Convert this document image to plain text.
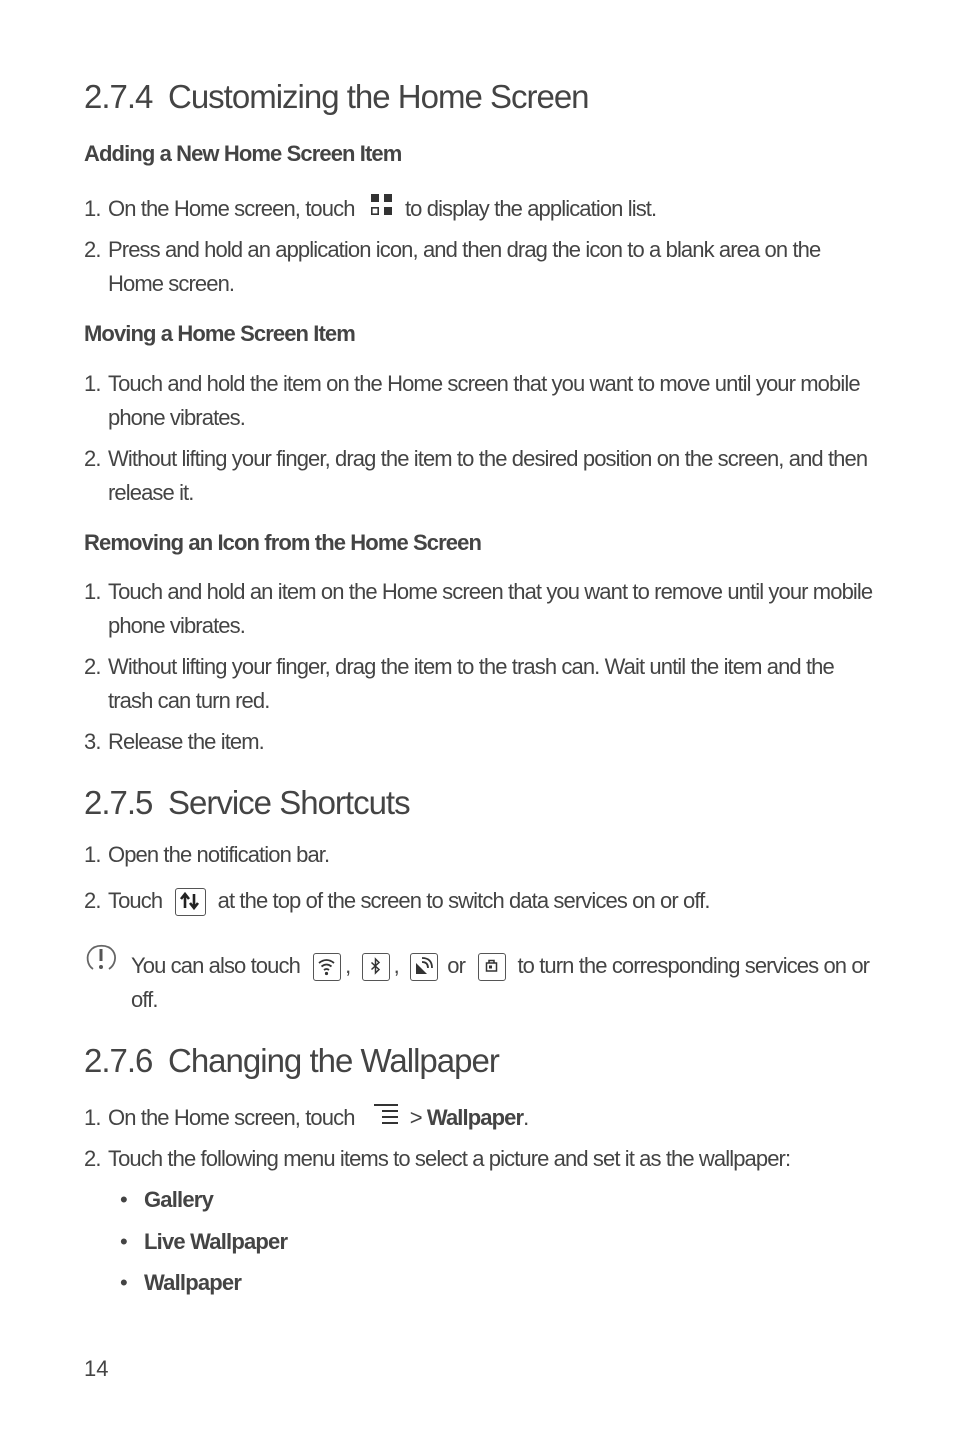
2.7.4 Customizing the Home Screen
Adding a New Home Screen Item
1. On the Home screen, touch to display the application list.
2. Press and hold an application icon, and then drag the icon to a blank area on the Home screen.
Moving a Home Screen Item
1. Touch and hold the item on the Home screen that you want to move until your mobile phone vibrates.
2. Without lifting your finger, drag the item to the desired position on the screen, and then release it.
Removing an Icon from the Home Screen
1. Touch and hold an item on the Home screen that you want to remove until your mobile phone vibrates.
2. Without lifting your finger, drag the item to the trash can. Wait until the item and the trash can turn red.
3. Release the item.
2.7.5 Service Shortcuts
1. Open the notification bar.
2. Touch	at the top of the screen to switch data services on or off.
You can also touch , , or to turn the corresponding services on or off.
2.7.6 Changing the Wallpaper
1. On the Home screen, touch	> Wallpaper.
2. Touch the following menu items to select a picture and set it as the wallpaper:
• Gallery
• Live Wallpaper
• Wallpaper
14
